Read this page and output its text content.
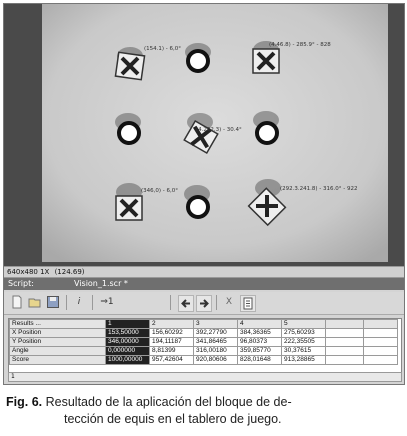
(154.1) - 6,0°
(4.46.8) - 285.9° - 828
(4.222.3) - 30.4°
(346,0) - 6,0°	(292.3.241.8) - 316.0° - 922
640x480 1X (124.69)
Script:	Vision_1.scr *
i	⇒1	X
Results ...	1	2	3	4	5		
X Position	153,50000	156,60292	392,27790	384,36365	275,60293		
Y Position	346,00000	194,11187	341,86465	96,80373	222,35505		
Angle	0,000000	8,81399	316,00180	359,85770	30,37615		
Score	1000,00000	957,42604	920,80606	828,01648	913,28865		
1
Fig. 6. Resultado de la aplicación del bloque de de-
tección de equis en el tablero de juego.
